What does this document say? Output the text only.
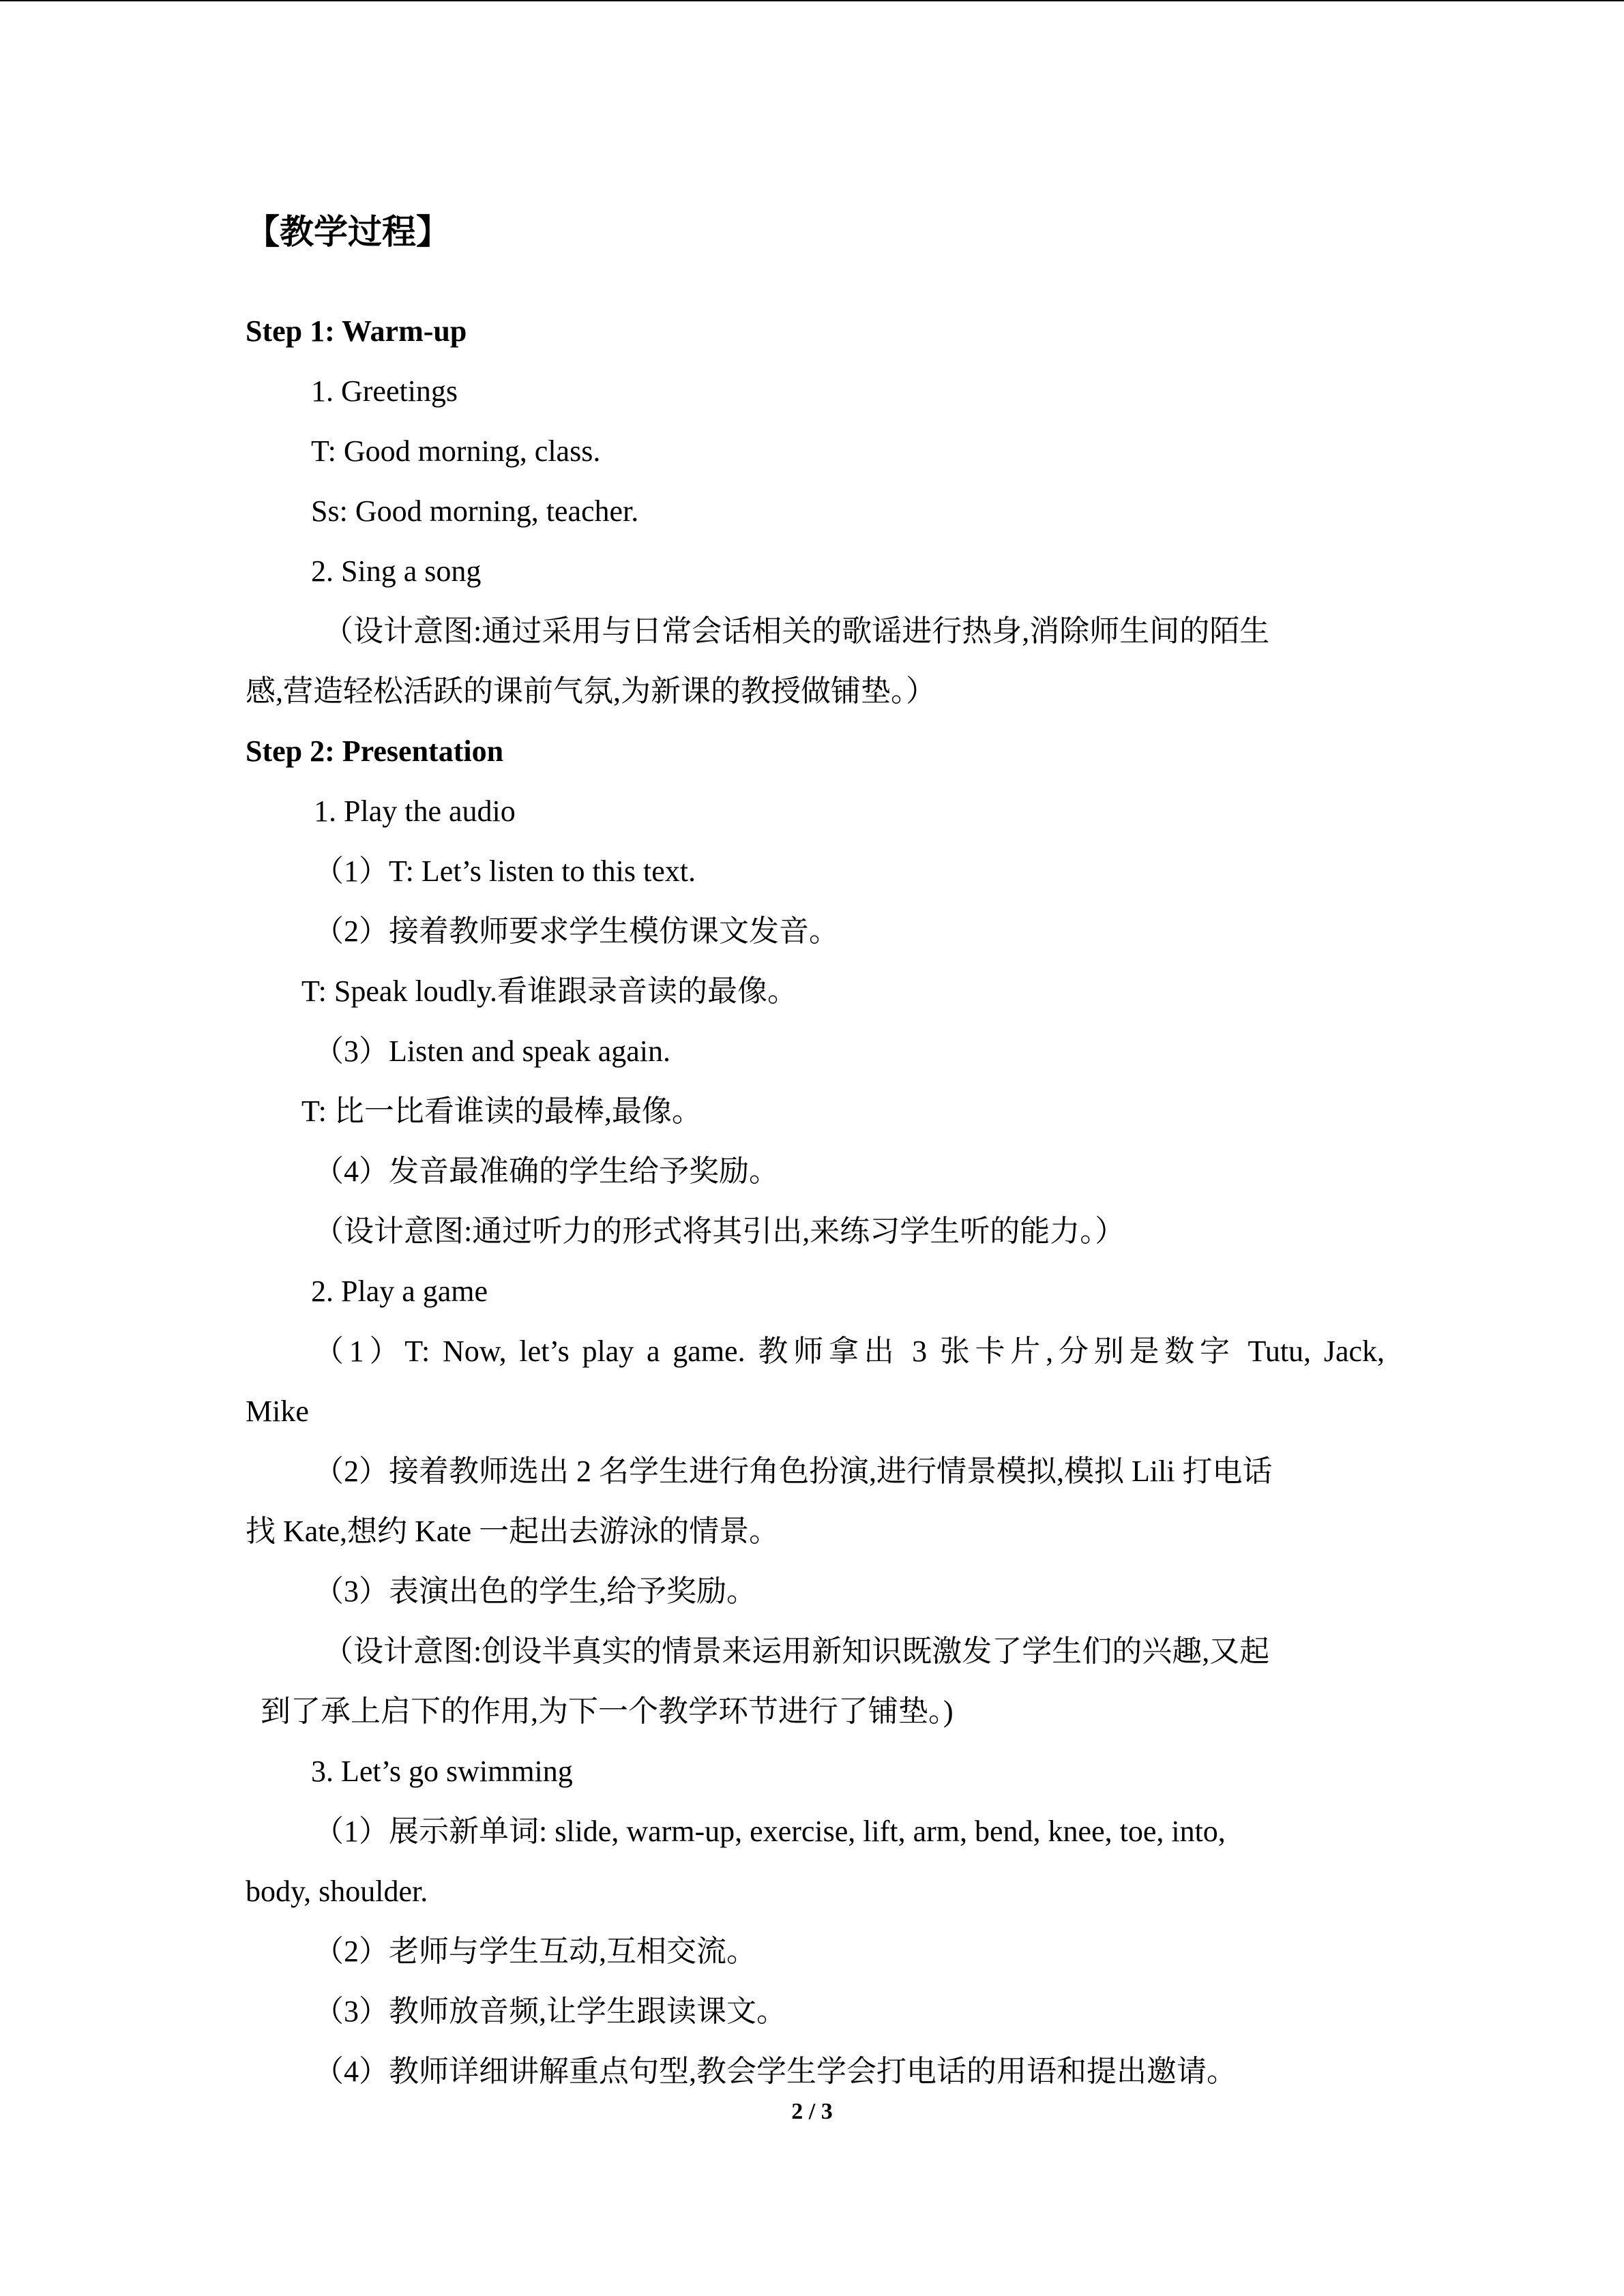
【教学过程】
Step 1: Warm-up
1. Greetings
T: Good morning, class.
Ss: Good morning, teacher.
2. Sing a song
（设计意图:通过采用与日常会话相关的歌谣进行热身,消除师生间的陌生
感,营造轻松活跃的课前气氛,为新课的教授做铺垫。）
Step 2: Presentation
1. Play the audio
（1）T: Let’s listen to this text.
（2）接着教师要求学生模仿课文发音。
T: Speak loudly.看谁跟录音读的最像。
（3）Listen and speak again.
T: 比一比看谁读的最棒,最像。
（4）发音最准确的学生给予奖励。
（设计意图:通过听力的形式将其引出,来练习学生听的能力。）
2. Play a game
（1）T: Now, let’s play a game. 教师拿出 3 张卡片,分别是数字 Tutu, Jack,
Mike
（2）接着教师选出 2 名学生进行角色扮演,进行情景模拟,模拟 Lili 打电话
找 Kate,想约 Kate 一起出去游泳的情景。
（3）表演出色的学生,给予奖励。
（设计意图:创设半真实的情景来运用新知识既激发了学生们的兴趣,又起
到了承上启下的作用,为下一个教学环节进行了铺垫。)
3. Let’s go swimming
（1）展示新单词: slide, warm-up, exercise, lift, arm, bend, knee, toe, into,
body, shoulder.
（2）老师与学生互动,互相交流。
（3）教师放音频,让学生跟读课文。
（4）教师详细讲解重点句型,教会学生学会打电话的用语和提出邀请。
2 / 3
